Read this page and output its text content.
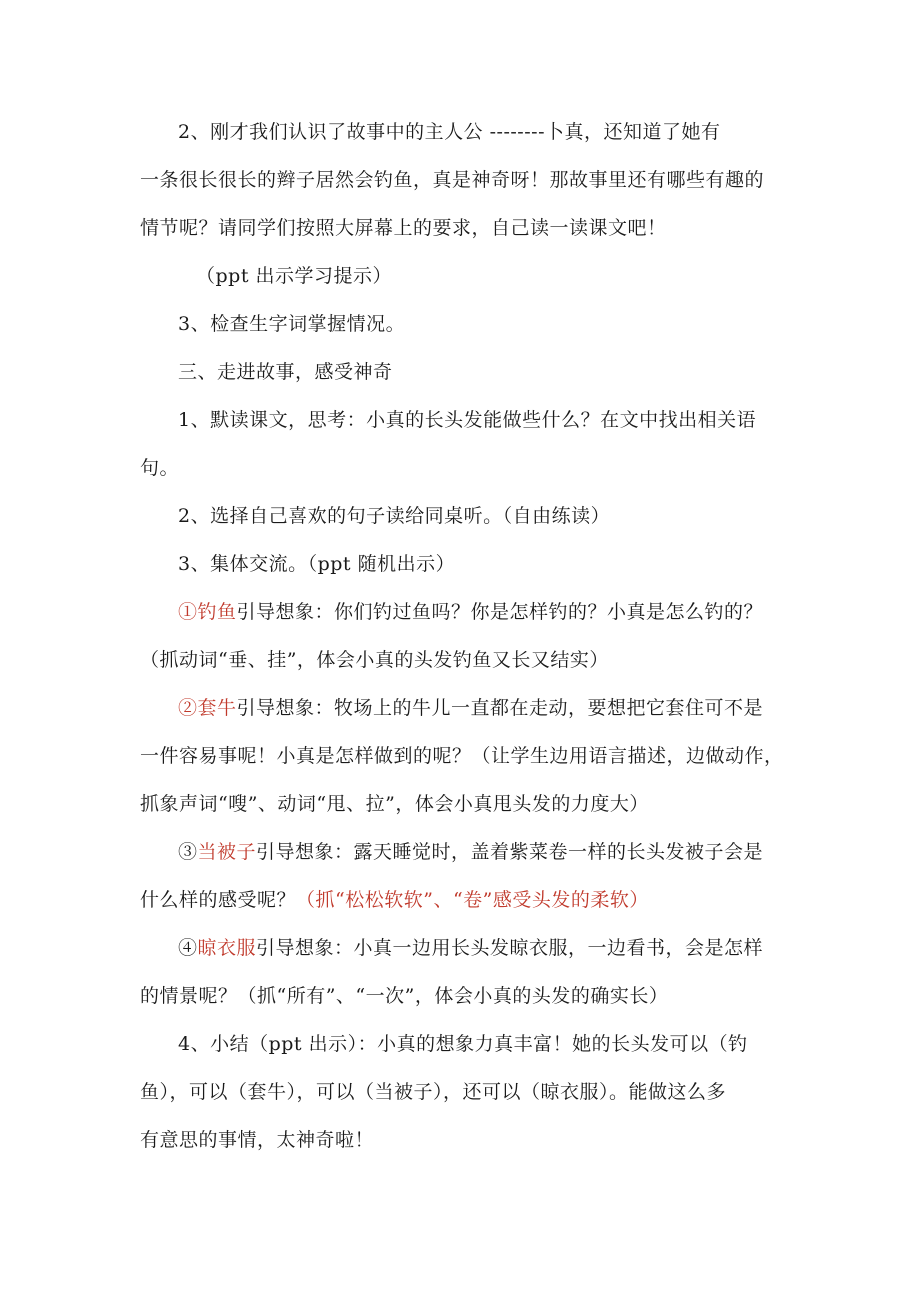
2、刚才我们认识了故事中的主人公 --------卜真，还知道了她有
一条很长很长的辫子居然会钓鱼，真是神奇呀！那故事里还有哪些有趣的
情节呢？请同学们按照大屏幕上的要求，自己读一读课文吧！
（ppt 出示学习提示）
3、检查生字词掌握情况。
三、走进故事，感受神奇
1、默读课文，思考：小真的长头发能做些什么？在文中找出相关语
句。
2、选择自己喜欢的句子读给同桌听。（自由练读）
3、集体交流。（ppt 随机出示）
①钓鱼引导想象：你们钓过鱼吗？你是怎样钓的？小真是怎么钓的？
（抓动词“垂、挂”，体会小真的头发钓鱼又长又结实）
②套牛引导想象：牧场上的牛儿一直都在走动，要想把它套住可不是
一件容易事呢！小真是怎样做到的呢？（让学生边用语言描述，边做动作，
抓象声词“嗖”、动词“甩、拉”，体会小真甩头发的力度大）
③当被子引导想象：露天睡觉时，盖着紫菜卷一样的长头发被子会是
什么样的感受呢？（抓“松松软软”、“卷”感受头发的柔软）
④晾衣服引导想象：小真一边用长头发晾衣服，一边看书，会是怎样
的情景呢？（抓“所有”、“一次”，体会小真的头发的确实长）
4、小结（ppt 出示）：小真的想象力真丰富！她的长头发可以（钓
鱼），可以（套牛），可以（当被子），还可以（晾衣服）。能做这么多
有意思的事情，太神奇啦！
